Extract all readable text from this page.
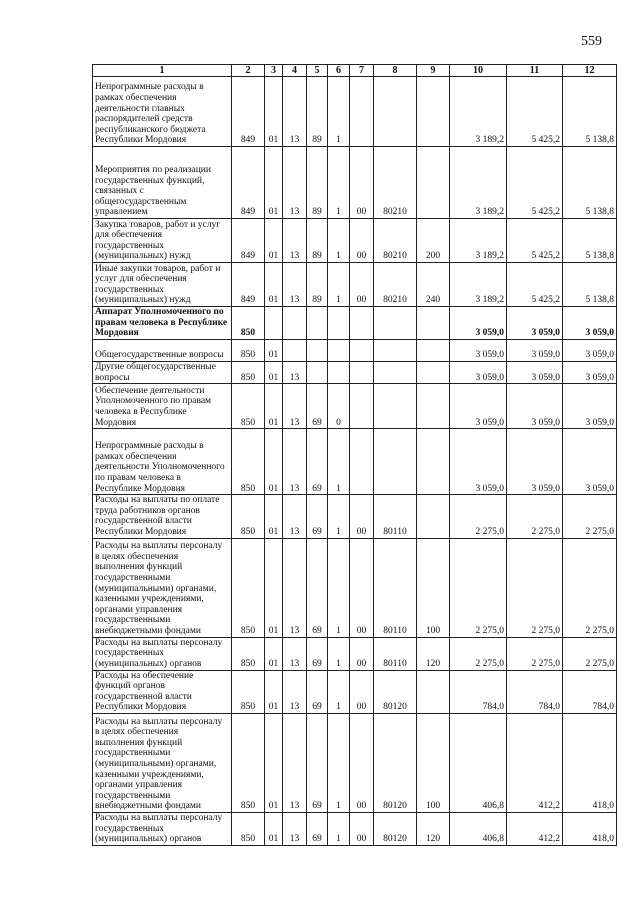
559
1	2	3	4	5	6	7	8	9	10	11	12
Непрограммные расходы в рамках обеспечения деятельности главных распорядителей средств республиканского бюджета Республики Мордовия	849	01	13	89	1				3 189,2	5 425,2	5 138,8
Мероприятия по реализации государственных функций, связанных с общегосударственным управлением	849	01	13	89	1	00	80210		3 189,2	5 425,2	5 138,8
Закупка товаров, работ и услуг для обеспечения государственных (муниципальных) нужд	849	01	13	89	1	00	80210	200	3 189,2	5 425,2	5 138,8
Иные закупки товаров, работ и услуг для обеспечения государственных (муниципальных) нужд	849	01	13	89	1	00	80210	240	3 189,2	5 425,2	5 138,8
Аппарат Уполномоченного по правам человека в Республике Мордовия	850								3 059,0	3 059,0	3 059,0
Общегосударственные вопросы	850	01							3 059,0	3 059,0	3 059,0
Другие общегосударственные вопросы	850	01	13						3 059,0	3 059,0	3 059,0
Обеспечение деятельности Уполномоченного по правам человека в Республике Мордовия	850	01	13	69	0				3 059,0	3 059,0	3 059,0
Непрограммные расходы в рамках обеспечения деятельности Уполномоченного по правам человека в Республике Мордовия	850	01	13	69	1				3 059,0	3 059,0	3 059,0
Расходы на выплаты по оплате труда работников органов государственной власти Республики Мордовия	850	01	13	69	1	00	80110		2 275,0	2 275,0	2 275,0
Расходы на выплаты персоналу в целях обеспечения выполнения функций государственными (муниципальными) органами, казенными учреждениями, органами управления государственными внебюджетными фондами	850	01	13	69	1	00	80110	100	2 275,0	2 275,0	2 275,0
Расходы на выплаты персоналу государственных (муниципальных) органов	850	01	13	69	1	00	80110	120	2 275,0	2 275,0	2 275,0
Расходы на обеспечение функций органов государственной власти Республики Мордовия	850	01	13	69	1	00	80120		784,0	784,0	784,0
Расходы на выплаты персоналу в целях обеспечения выполнения функций государственными (муниципальными) органами, казенными учреждениями, органами управления государственными внебюджетными фондами	850	01	13	69	1	00	80120	100	406,8	412,2	418,0
Расходы на выплаты персоналу государственных (муниципальных) органов	850	01	13	69	1	00	80120	120	406,8	412,2	418,0
